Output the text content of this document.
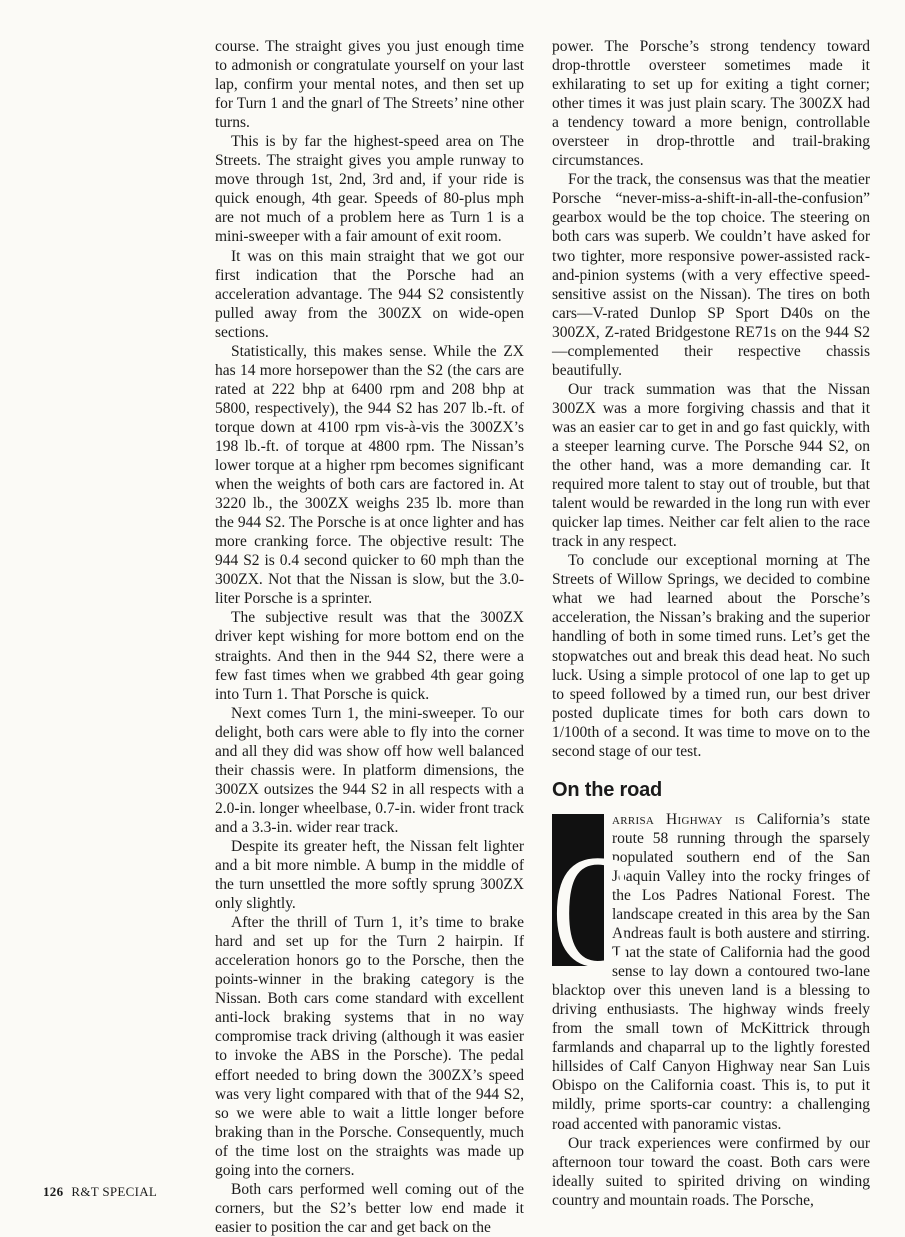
course. The straight gives you just enough time to admonish or congratulate yourself on your last lap, confirm your mental notes, and then set up for Turn 1 and the gnarl of The Streets’ nine other turns.

This is by far the highest-speed area on The Streets. The straight gives you ample runway to move through 1st, 2nd, 3rd and, if your ride is quick enough, 4th gear. Speeds of 80-plus mph are not much of a problem here as Turn 1 is a mini-sweeper with a fair amount of exit room.

It was on this main straight that we got our first indication that the Porsche had an acceleration advantage. The 944 S2 consistently pulled away from the 300ZX on wide-open sections.

Statistically, this makes sense. While the ZX has 14 more horsepower than the S2 (the cars are rated at 222 bhp at 6400 rpm and 208 bhp at 5800, respectively), the 944 S2 has 207 lb.-ft. of torque down at 4100 rpm vis-à-vis the 300ZX’s 198 lb.-ft. of torque at 4800 rpm. The Nissan’s lower torque at a higher rpm becomes significant when the weights of both cars are factored in. At 3220 lb., the 300ZX weighs 235 lb. more than the 944 S2. The Porsche is at once lighter and has more cranking force. The objective result: The 944 S2 is 0.4 second quicker to 60 mph than the 300ZX. Not that the Nissan is slow, but the 3.0-liter Porsche is a sprinter.

The subjective result was that the 300ZX driver kept wishing for more bottom end on the straights. And then in the 944 S2, there were a few fast times when we grabbed 4th gear going into Turn 1. That Porsche is quick.

Next comes Turn 1, the mini-sweeper. To our delight, both cars were able to fly into the corner and all they did was show off how well balanced their chassis were. In platform dimensions, the 300ZX outsizes the 944 S2 in all respects with a 2.0-in. longer wheelbase, 0.7-in. wider front track and a 3.3-in. wider rear track.

Despite its greater heft, the Nissan felt lighter and a bit more nimble. A bump in the middle of the turn unsettled the more softly sprung 300ZX only slightly.

After the thrill of Turn 1, it’s time to brake hard and set up for the Turn 2 hairpin. If acceleration honors go to the Porsche, then the points-winner in the braking category is the Nissan. Both cars come standard with excellent anti-lock braking systems that in no way compromise track driving (although it was easier to invoke the ABS in the Porsche). The pedal effort needed to bring down the 300ZX’s speed was very light compared with that of the 944 S2, so we were able to wait a little longer before braking than in the Porsche. Consequently, much of the time lost on the straights was made up going into the corners.

Both cars performed well coming out of the corners, but the S2’s better low end made it easier to position the car and get back on the

power. The Porsche’s strong tendency toward drop-throttle oversteer sometimes made it exhilarating to set up for exiting a tight corner; other times it was just plain scary. The 300ZX had a tendency toward a more benign, controllable oversteer in drop-throttle and trail-braking circumstances.

For the track, the consensus was that the meatier Porsche “never-miss-a-shift-in-all-the-confusion” gearbox would be the top choice. The steering on both cars was superb. We couldn’t have asked for two tighter, more responsive power-assisted rack-and-pinion systems (with a very effective speed-sensitive assist on the Nissan). The tires on both cars—V-rated Dunlop SP Sport D40s on the 300ZX, Z-rated Bridgestone RE71s on the 944 S2—complemented their respective chassis beautifully.

Our track summation was that the Nissan 300ZX was a more forgiving chassis and that it was an easier car to get in and go fast quickly, with a steeper learning curve. The Porsche 944 S2, on the other hand, was a more demanding car. It required more talent to stay out of trouble, but that talent would be rewarded in the long run with ever quicker lap times. Neither car felt alien to the race track in any respect.

To conclude our exceptional morning at The Streets of Willow Springs, we decided to combine what we had learned about the Porsche’s acceleration, the Nissan’s braking and the superior handling of both in some timed runs. Let’s get the stopwatches out and break this dead heat. No such luck. Using a simple protocol of one lap to get up to speed followed by a timed run, our best driver posted duplicate times for both cars down to 1/100th of a second. It was time to move on to the second stage of our test.

On the road

C
arrisa Highway is California’s state route 58 running through the sparsely populated southern end of the San Joaquin Valley into the rocky fringes of the Los Padres National Forest. The landscape created in this area by the San Andreas fault is both austere and stirring. That the state of California had the good sense to lay down a contoured two-lane blacktop over this uneven land is a blessing to driving enthusiasts. The highway winds freely from the small town of McKittrick through farmlands and chaparral up to the lightly forested hillsides of Calf Canyon Highway near San Luis Obispo on the California coast. This is, to put it mildly, prime sports-car country: a challenging road accented with panoramic vistas.

Our track experiences were confirmed by our afternoon tour toward the coast. Both cars were ideally suited to spirited driving on winding country and mountain roads. The Porsche,

126 R&T SPECIAL
